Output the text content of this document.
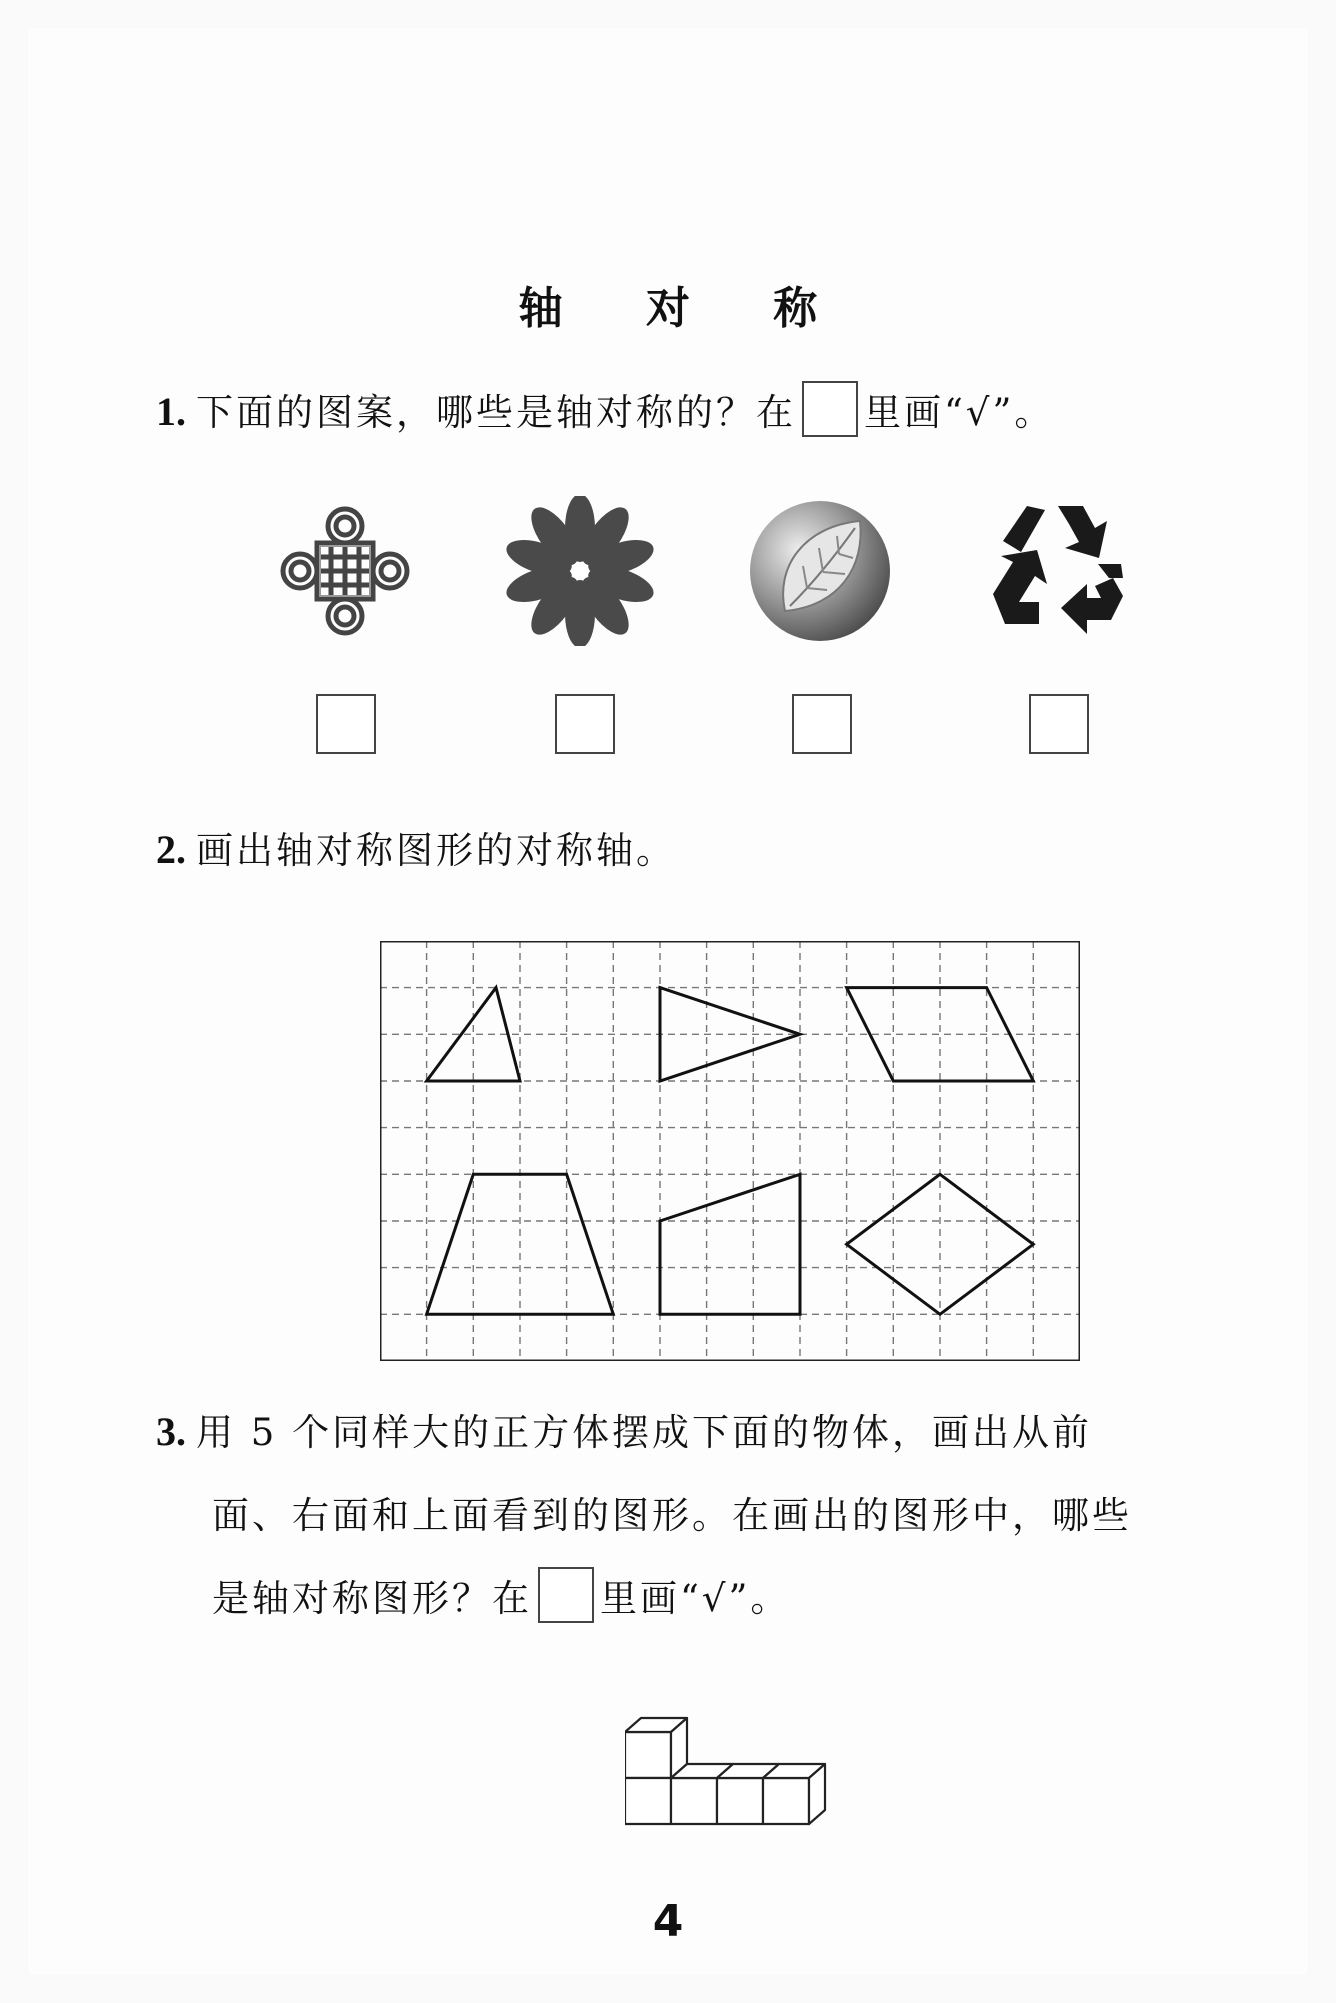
轴 对 称
1. 下面的图案，哪些是轴对称的？在 里画“√”。
2. 画出轴对称图形的对称轴。
3. 用 5 个同样大的正方体摆成下面的物体，画出从前
面、右面和上面看到的图形。在画出的图形中，哪些
是轴对称图形？在 里画“√”。
4
